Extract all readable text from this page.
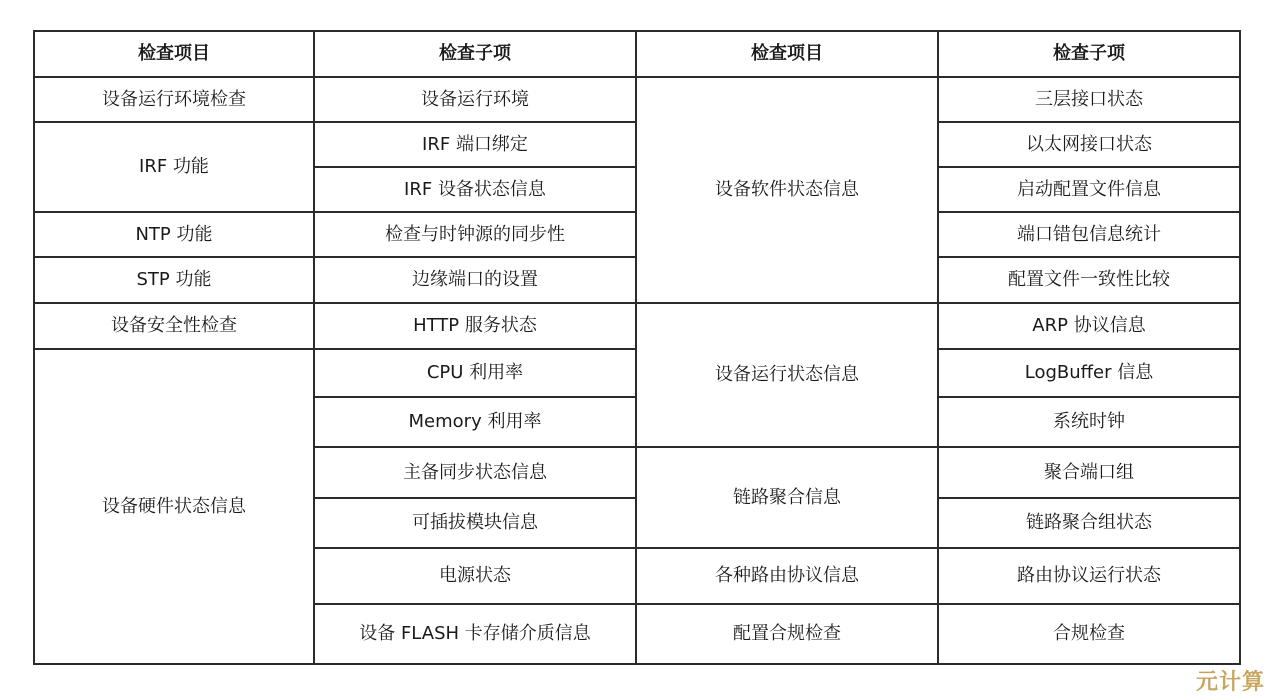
检查项目	检查子项	检查项目	检查子项
设备运行环境检查	设备运行环境	设备软件状态信息	三层接口状态
IRF 功能	IRF 端口绑定		以太网接口状态
	IRF 设备状态信息		启动配置文件信息
NTP 功能	检查与时钟源的同步性		端口错包信息统计
STP 功能	边缘端口的设置		配置文件一致性比较
设备安全性检查	HTTP 服务状态	设备运行状态信息	ARP 协议信息
设备硬件状态信息	CPU 利用率		LogBuffer 信息
	Memory 利用率		系统时钟
	主备同步状态信息	链路聚合信息	聚合端口组
	可插拔模块信息		链路聚合组状态
	电源状态	各种路由协议信息	路由协议运行状态
	设备 FLASH 卡存储介质信息	配置合规检查	合规检查
元计算
